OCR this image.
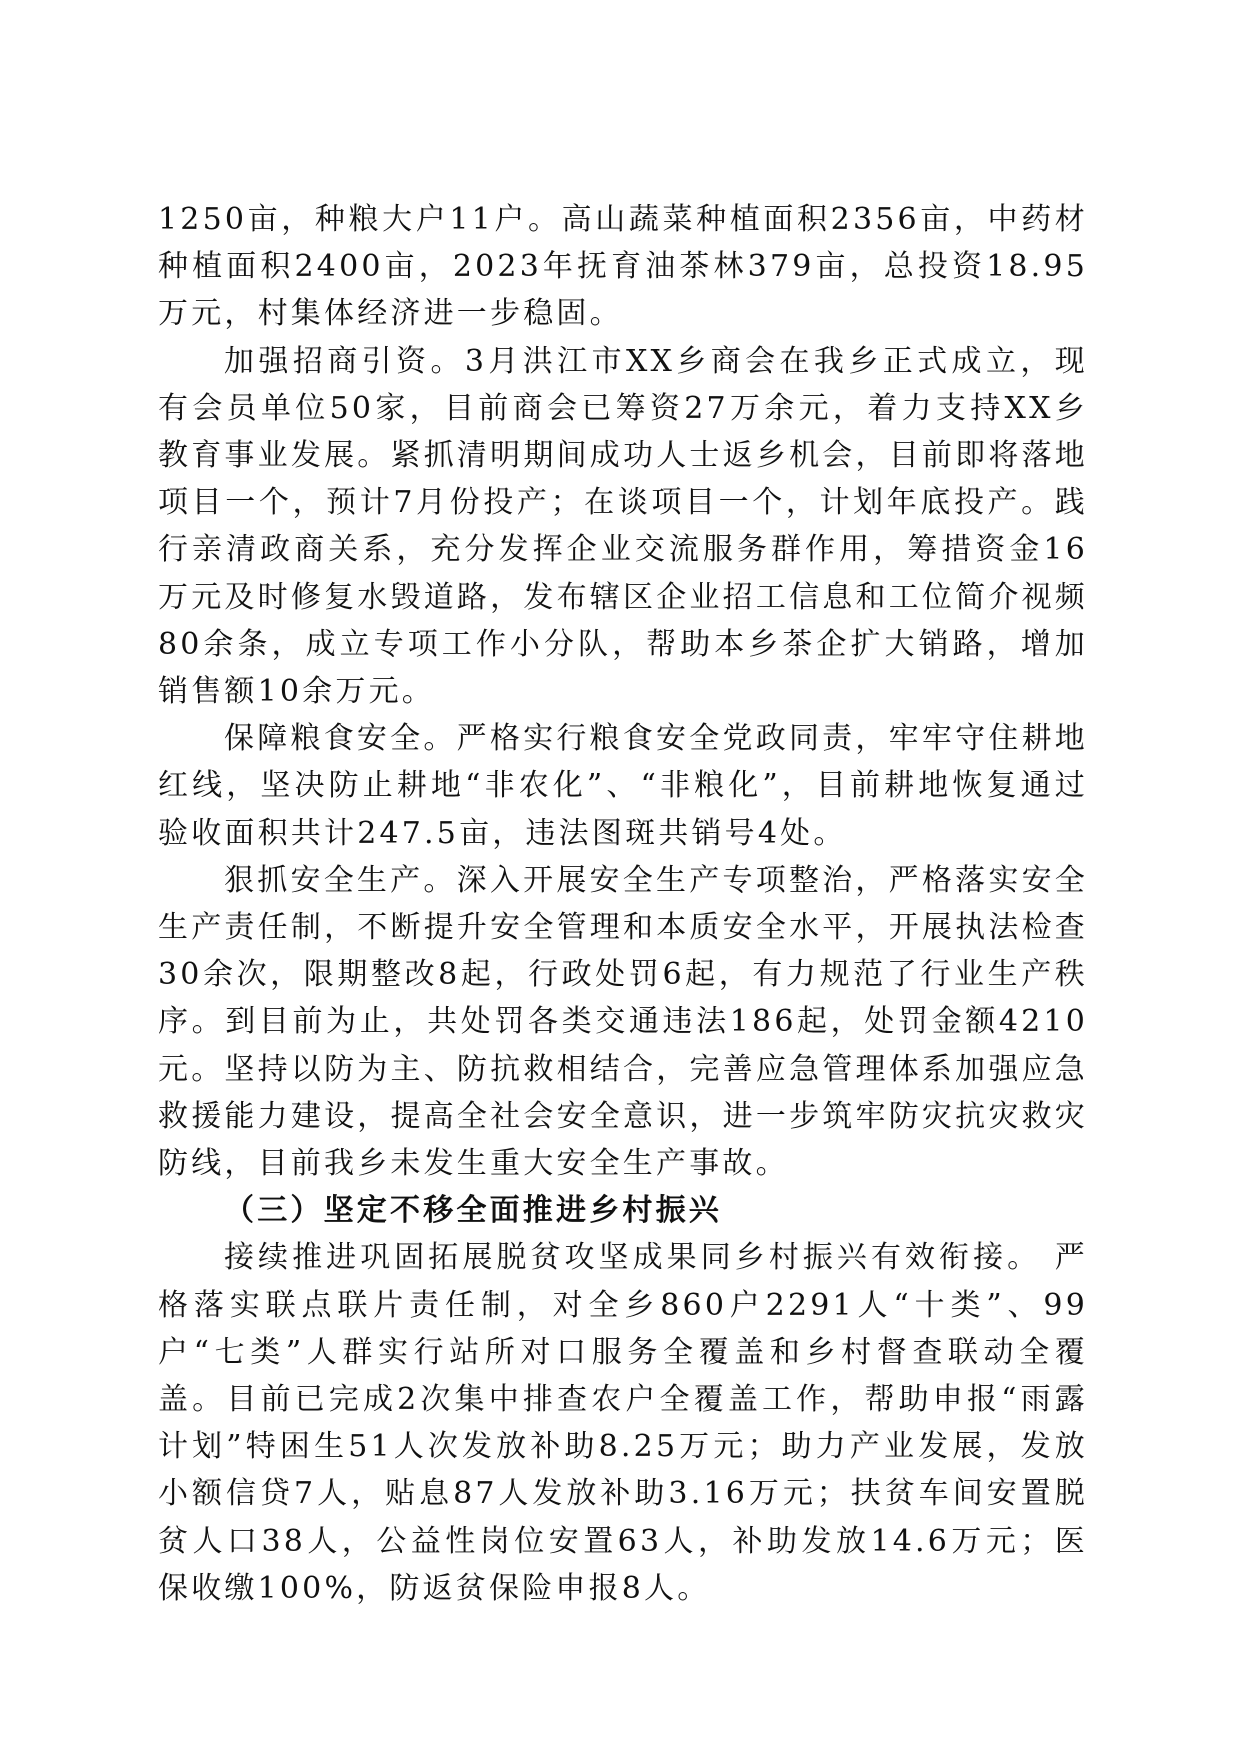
1250亩，种粮大户11户。高山蔬菜种植面积2356亩，中药材种植面积2400亩，2023年抚育油茶林379亩，总投资18.95万元，村集体经济进一步稳固。

加强招商引资。3月洪江市XX乡商会在我乡正式成立，现有会员单位50家，目前商会已筹资27万余元，着力支持XX乡教育事业发展。紧抓清明期间成功人士返乡机会，目前即将落地项目一个，预计7月份投产；在谈项目一个，计划年底投产。践行亲清政商关系，充分发挥企业交流服务群作用，筹措资金16万元及时修复水毁道路，发布辖区企业招工信息和工位简介视频80余条，成立专项工作小分队，帮助本乡茶企扩大销路，增加销售额10余万元。

保障粮食安全。严格实行粮食安全党政同责，牢牢守住耕地红线，坚决防止耕地“非农化”、“非粮化”，目前耕地恢复通过验收面积共计247.5亩，违法图斑共销号4处。

狠抓安全生产。深入开展安全生产专项整治，严格落实安全生产责任制，不断提升安全管理和本质安全水平，开展执法检查30余次，限期整改8起，行政处罚6起，有力规范了行业生产秩序。到目前为止，共处罚各类交通违法186起，处罚金额4210元。坚持以防为主、防抗救相结合，完善应急管理体系加强应急救援能力建设，提高全社会安全意识，进一步筑牢防灾抗灾救灾防线，目前我乡未发生重大安全生产事故。

（三）坚定不移全面推进乡村振兴

接续推进巩固拓展脱贫攻坚成果同乡村振兴有效衔接。 严格落实联点联片责任制，对全乡860户2291人“十类”、99户“七类”人群实行站所对口服务全覆盖和乡村督查联动全覆盖。目前已完成2次集中排查农户全覆盖工作，帮助申报“雨露计划”特困生51人次发放补助8.25万元；助力产业发展，发放小额信贷7人，贴息87人发放补助3.16万元；扶贫车间安置脱贫人口38人，公益性岗位安置63人，补助发放14.6万元；医保收缴100%，防返贫保险申报8人。
